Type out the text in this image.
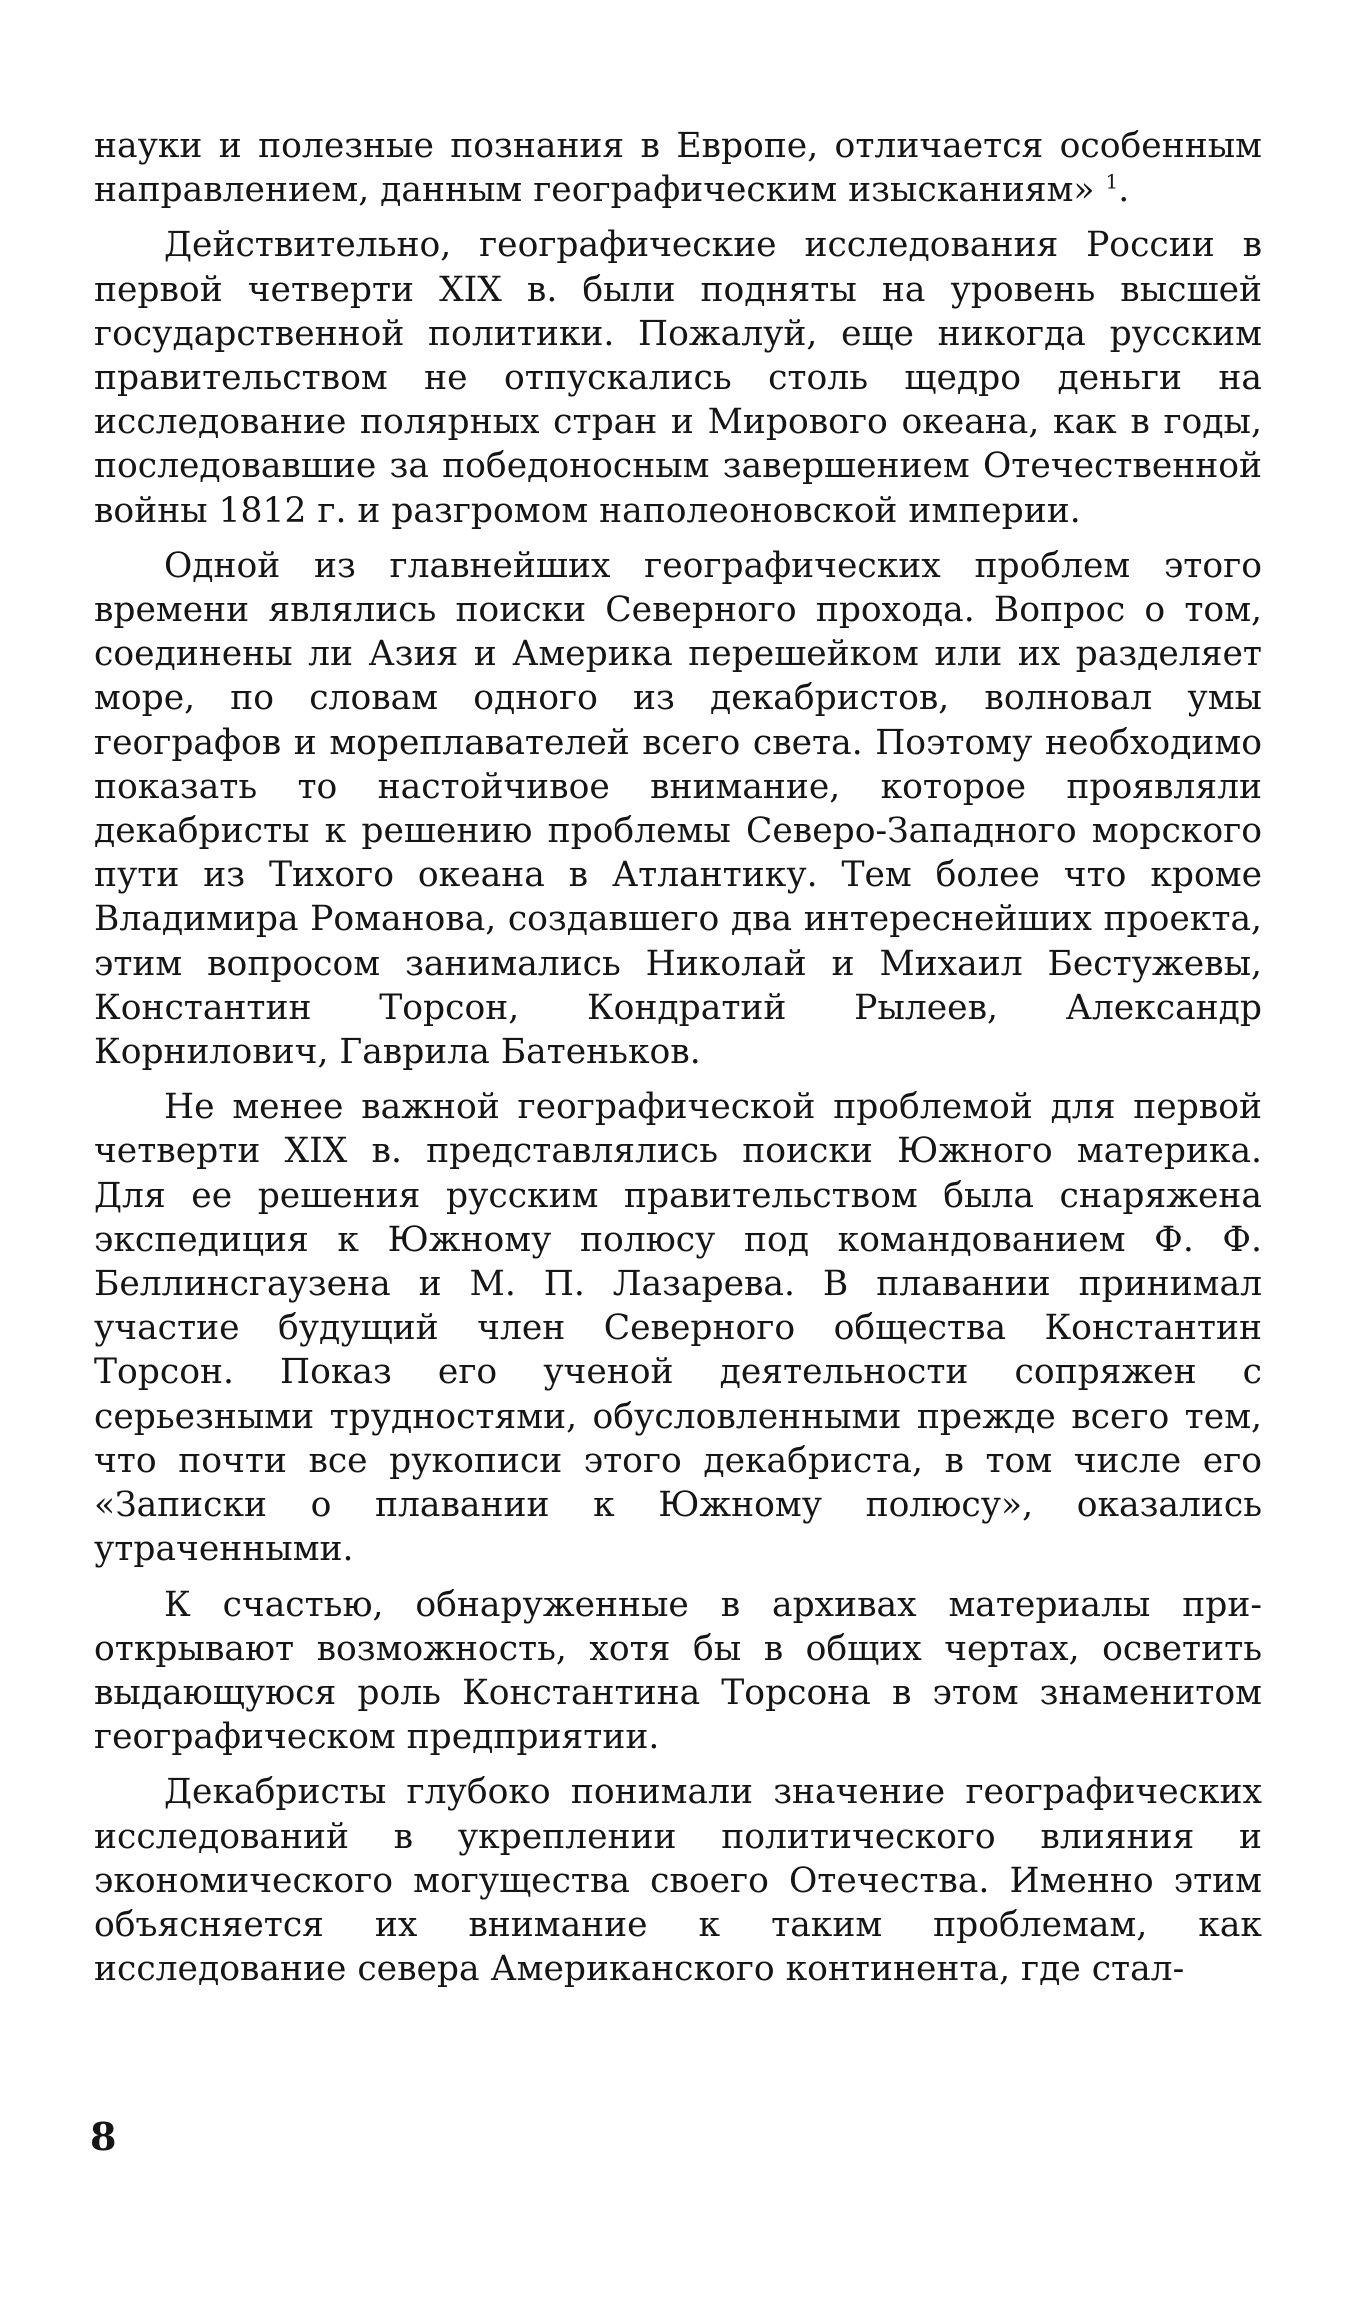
науки и полезные познания в Европе, отличается особенным направлением, данным географическим изысканиям» $^1$.

Действительно, географические исследования России в первой четверти XIX в. были подняты на уровень высшей государственной политики. Пожалуй, еще никогда русским правительством не отпускались столь щедро деньги на исследование полярных стран и Мирового океана, как в годы, последовавшие за победоносным завершением Отечественной войны 1812 г. и разгромом наполеоновской империи.

Одной из главнейших географических проблем этого времени являлись поиски Северного прохода. Вопрос о том, соединены ли Азия и Америка перешейком или их разделяет море, по словам одного из декабристов, волновал умы географов и мореплавателей всего света. Поэтому необходимо показать то настойчивое внимание, которое проявляли декабристы к решению проблемы Северо-Западного морского пути из Тихого океана в Атлантику. Тем более что кроме Владимира Романова, создавшего два интереснейших проекта, этим вопросом занимались Николай и Михаил Бестужевы, Константин Торсон, Кондратий Рылеев, Александр Корнилович, Гаврила Батеньков.

Не менее важной географической проблемой для первой четверти XIX в. представлялись поиски Южного материка. Для ее решения русским правительством была снаряжена экспедиция к Южному полюсу под командованием Ф. Ф. Беллинсгаузена и М. П. Лазарева. В плавании принимал участие будущий член Северного общества Константин Торсон. Показ его ученой деятельности сопряжен с серьезными трудностями, обусловленными прежде всего тем, что почти все рукописи этого декабриста, в том числе его «Записки о плавании к Южному полюсу», оказались утраченными.

К счастью, обнаруженные в архивах материалы приоткрывают возможность, хотя бы в общих чертах, осветить выдающуюся роль Константина Торсона в этом знаменитом географическом предприятии.

Декабристы глубоко понимали значение географических исследований в укреплении политического влияния и экономического могущества своего Отечества. Именно этим объясняется их внимание к таким проблемам, как исследование севера Американского континента, где стал-

8
